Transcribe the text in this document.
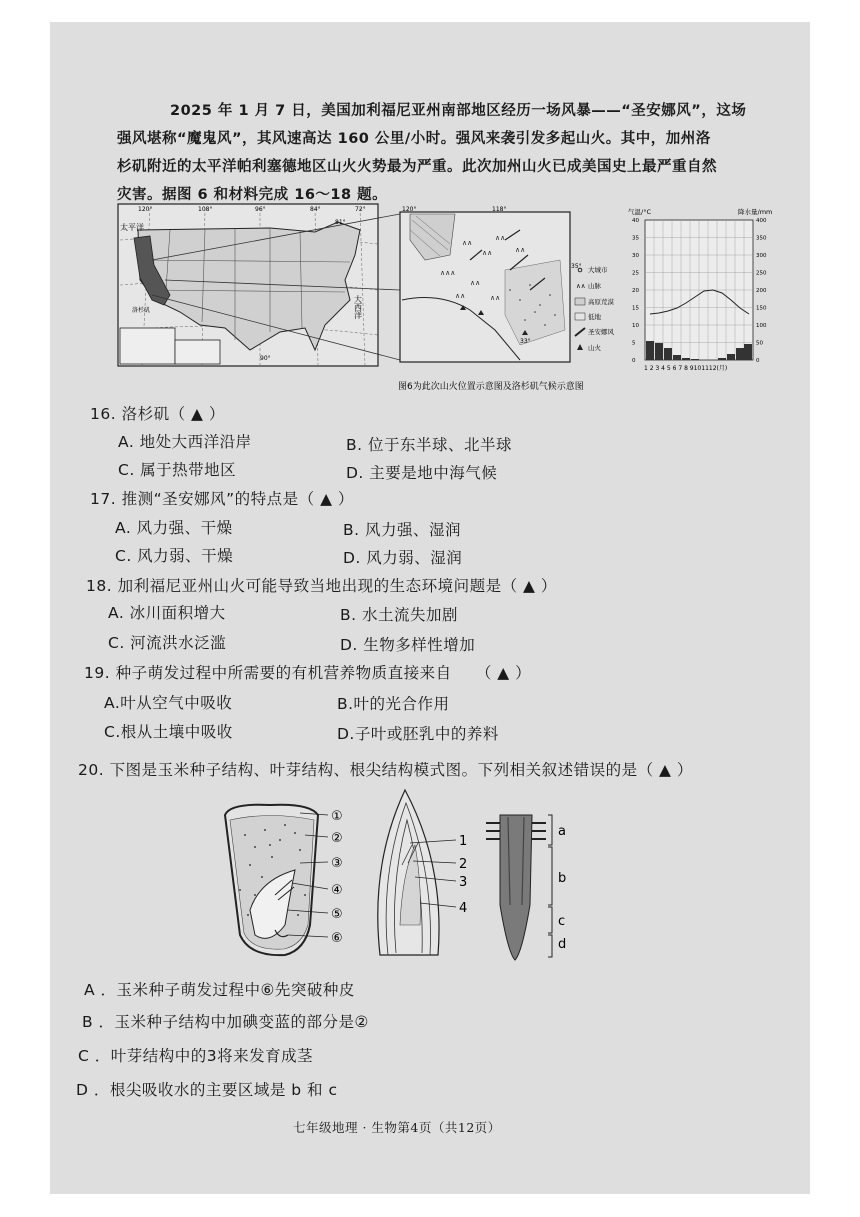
2025 年 1 月 7 日，美国加利福尼亚州南部地区经历一场风暴——“圣安娜风”，这场
强风堪称“魔鬼风”，其风速高达 160 公里/小时。强风来袭引发多起山火。其中，加州洛
杉矶附近的太平洋帕利塞德地区山火火势最为严重。此次加州山火已成美国史上最严重自然
灾害。据图 6 和材料完成 16～18 题。
120°	108°	96°	84°	72°
81°
90°
太平洋
大西洋
洛杉矶
∧∧
∧∧
∧∧∧
∧∧
∧∧
∧∧
∧∧	∧∧
120°	118°
35°
33°
大城市
∧∧ 山脉
高原荒漠
低地
圣安娜风
山火
气温/°C	降水量/mm
40
35
30
25
20
15
10
5
0
400
350
300
250
200
150
100
50
0
1 2 3 4 5 6 7 8 9101112(月)
图6为此次山火位置示意图及洛杉矶气候示意图
16. 洛杉矶（ ▲ ）
A. 地处大西洋沿岸	B. 位于东半球、北半球
C. 属于热带地区	D. 主要是地中海气候
17. 推测“圣安娜风”的特点是（ ▲ ）
A. 风力强、干燥	B. 风力强、湿润
C. 风力弱、干燥	D. 风力弱、湿润
18. 加利福尼亚州山火可能导致当地出现的生态环境问题是（ ▲ ）
A. 冰川面积增大	B. 水土流失加剧
C. 河流洪水泛滥	D. 生物多样性增加
19. 种子萌发过程中所需要的有机营养物质直接来自　　（ ▲ ）
A.叶从空气中吸收	B.叶的光合作用
C.根从土壤中吸收	D.子叶或胚乳中的养料
20. 下图是玉米种子结构、叶芽结构、根尖结构模式图。下列相关叙述错误的是（ ▲ ）
①
②
③
④
⑤
⑥
1
2
3
4
a
b
c
d
A ．玉米种子萌发过程中⑥先突破种皮
B ．玉米种子结构中加碘变蓝的部分是②
C ．叶芽结构中的3将来发育成茎
D ．根尖吸收水的主要区域是 b 和 c
七年级地理 · 生物第4页（共12页）
